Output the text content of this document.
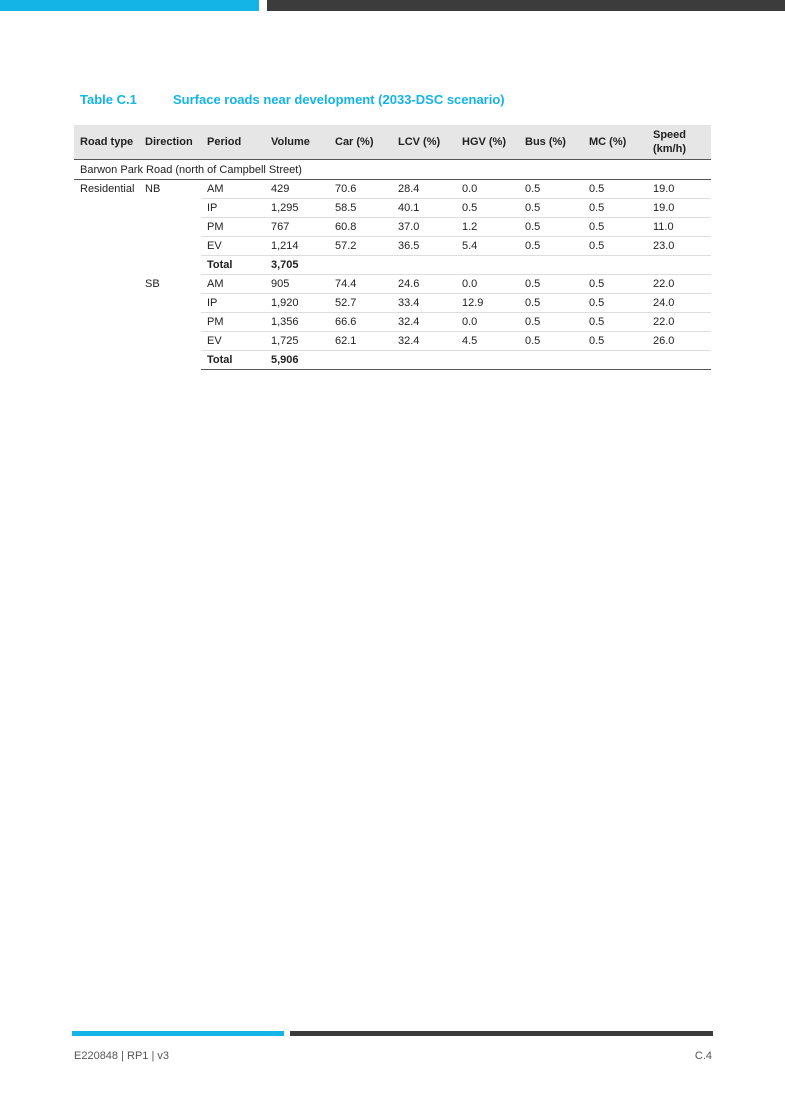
Table C.1	Surface roads near development (2033-DSC scenario)
Road type	Direction	Period	Volume	Car (%)	LCV (%)	HGV (%)	Bus (%)	MC (%)	Speed (km/h)
Barwon Park Road (north of Campbell Street)									
Residential	NB	AM	429	70.6	28.4	0.0	0.5	0.5	19.0
		IP	1,295	58.5	40.1	0.5	0.5	0.5	19.0
		PM	767	60.8	37.0	1.2	0.5	0.5	11.0
		EV	1,214	57.2	36.5	5.4	0.5	0.5	23.0
		Total	3,705						
	SB	AM	905	74.4	24.6	0.0	0.5	0.5	22.0
		IP	1,920	52.7	33.4	12.9	0.5	0.5	24.0
		PM	1,356	66.6	32.4	0.0	0.5	0.5	22.0
		EV	1,725	62.1	32.4	4.5	0.5	0.5	26.0
		Total	5,906						
E220848 | RP1 | v3	C.4
